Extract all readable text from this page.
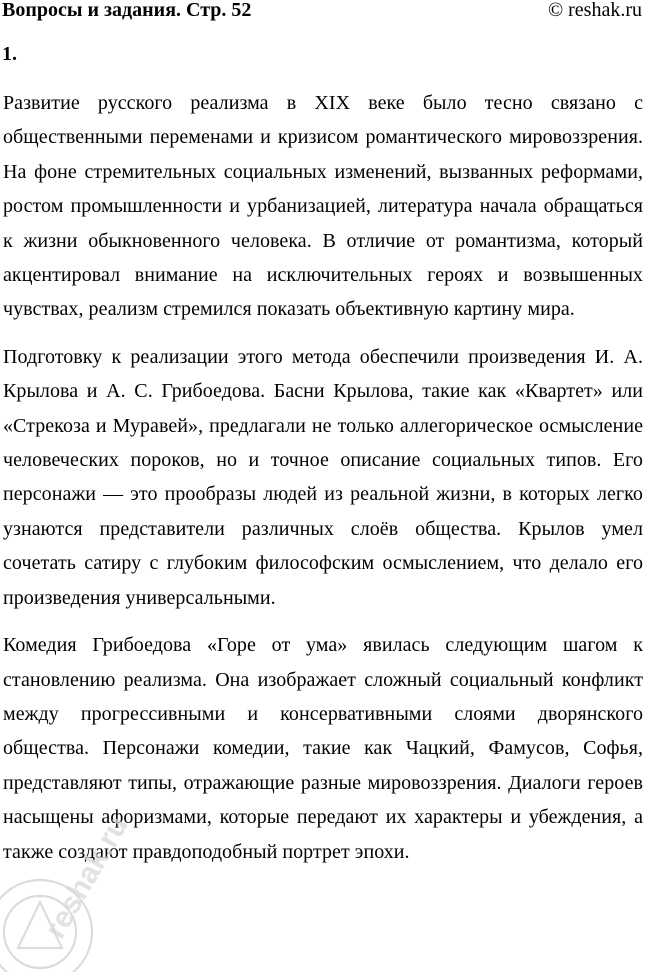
Вопросы и задания. Стр. 52	© reshak.ru
1.

Развитие русского реализма в XIX веке было тесно связано с общественными переменами и кризисом романтического мировоззрения. На фоне стремительных социальных изменений, вызванных реформами, ростом промышленности и урбанизацией, литература начала обращаться к жизни обыкновенного человека. В отличие от романтизма, который акцентировал внимание на исключительных героях и возвышенных чувствах, реализм стремился показать объективную картину мира.

Подготовку к реализации этого метода обеспечили произведения И. А. Крылова и А. С. Грибоедова. Басни Крылова, такие как «Квартет» или «Стрекоза и Муравей», предлагали не только аллегорическое осмысление человеческих пороков, но и точное описание социальных типов. Его персонажи — это прообразы людей из реальной жизни, в которых легко узнаются представители различных слоёв общества. Крылов умел сочетать сатиру с глубоким философским осмыслением, что делало его произведения универсальными.

Комедия Грибоедова «Горе от ума» явилась следующим шагом к становлению реализма. Она изображает сложный социальный конфликт между прогрессивными и консервативными слоями дворянского общества. Персонажи комедии, такие как Чацкий, Фамусов, Софья, представляют типы, отражающие разные мировоззрения. Диалоги героев насыщены афоризмами, которые передают их характеры и убеждения, а также создают правдоподобный портрет эпохи.

reshak.ru
